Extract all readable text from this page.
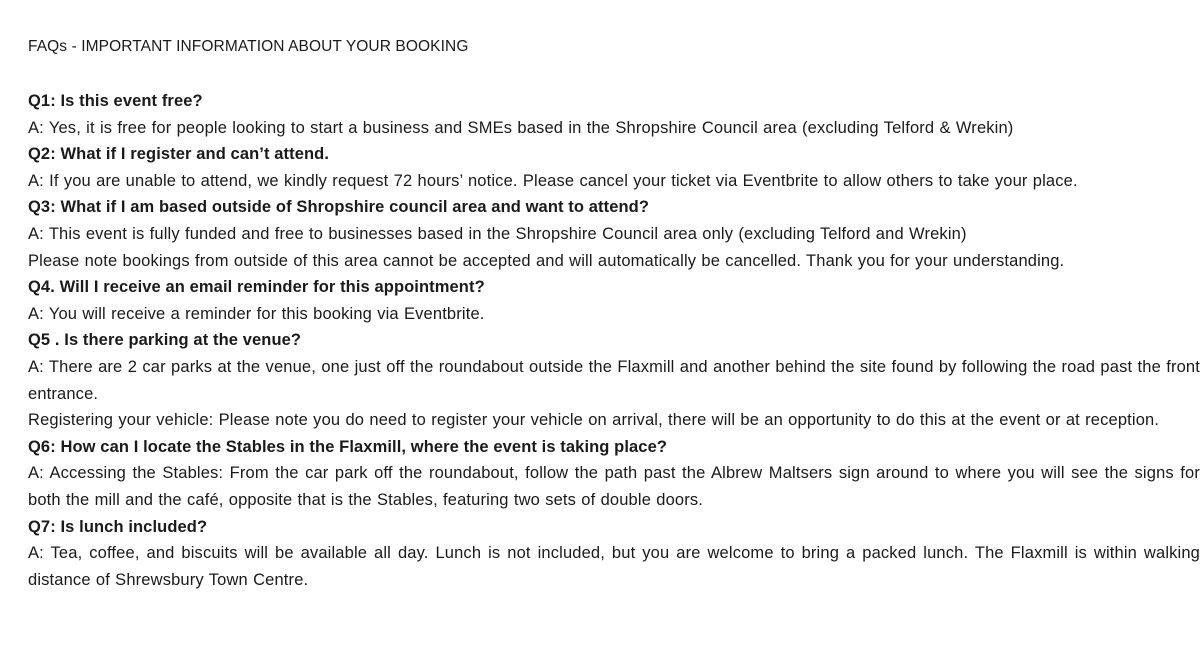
FAQs - IMPORTANT INFORMATION ABOUT YOUR BOOKING
Q1: Is this event free?
A: Yes, it is free for people looking to start a business and SMEs based in the Shropshire Council area (excluding Telford & Wrekin)
Q2: What if I register and can’t attend.
A: If you are unable to attend, we kindly request 72 hours’ notice. Please cancel your ticket via Eventbrite to allow others to take your place.
Q3: What if I am based outside of Shropshire council area and want to attend?
A: This event is fully funded and free to businesses based in the Shropshire Council area only (excluding Telford and Wrekin)
Please note bookings from outside of this area cannot be accepted and will automatically be cancelled. Thank you for your understanding.
Q4. Will I receive an email reminder for this appointment?
A: You will receive a reminder for this booking via Eventbrite.
Q5 . Is there parking at the venue?
A: There are 2 car parks at the venue, one just off the roundabout outside the Flaxmill and another behind the site found by following the road past the front entrance.
Registering your vehicle: Please note you do need to register your vehicle on arrival, there will be an opportunity to do this at the event or at reception.
Q6: How can I locate the Stables in the Flaxmill, where the event is taking place?
A: Accessing the Stables: From the car park off the roundabout, follow the path past the Albrew Maltsers sign around to where you will see the signs for both the mill and the café, opposite that is the Stables, featuring two sets of double doors.
Q7: Is lunch included?
A: Tea, coffee, and biscuits will be available all day. Lunch is not included, but you are welcome to bring a packed lunch. The Flaxmill is within walking distance of Shrewsbury Town Centre.
